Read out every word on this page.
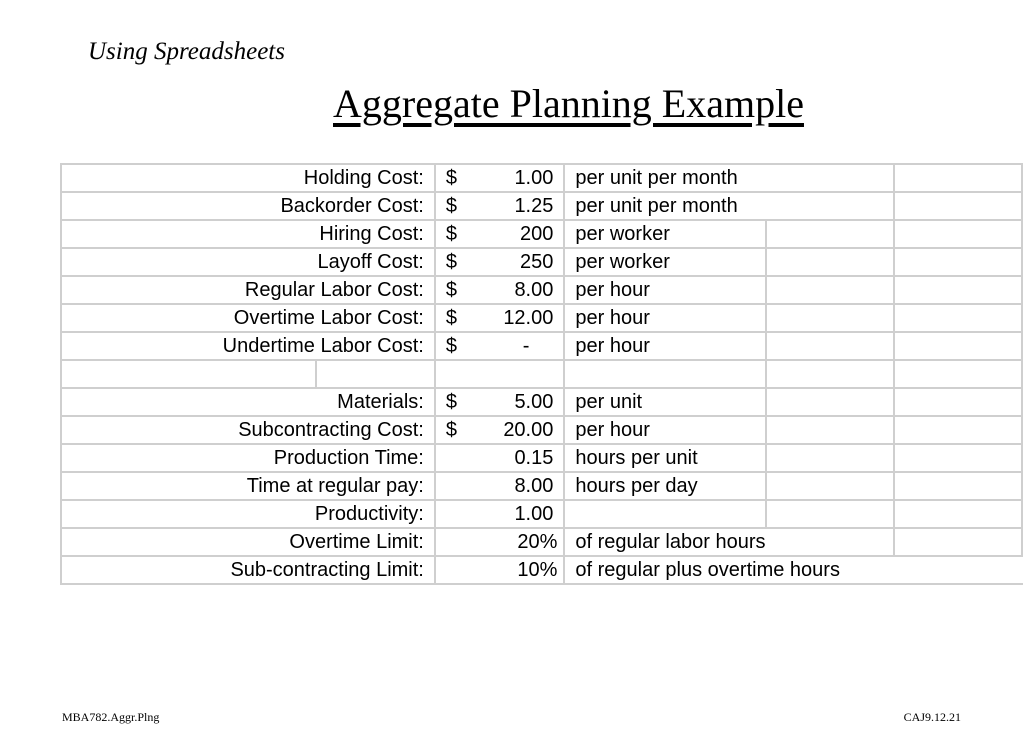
Using Spreadsheets
Aggregate Planning Example
Holding Cost:		$ 1.00	per unit per month		
Backorder Cost:		$ 1.25	per unit per month		
Hiring Cost:		$ 200	per worker		
Layoff Cost:		$ 250	per worker		
Regular Labor Cost:		$ 8.00	per hour		
Overtime Labor Cost:		$ 12.00	per hour		
Undertime Labor Cost:		$ -	per hour		

Materials:		$ 5.00	per unit		
Subcontracting Cost:		$ 20.00	per hour		
Production Time:		0.15	hours per unit		
Time at regular pay:		8.00	hours per day		
Productivity:		1.00			

Overtime Limit:		20%	of regular labor hours		
Sub-contracting Limit:		10%	of regular plus overtime hours		
MBA782.Aggr.Plng	CAJ9.12.21
